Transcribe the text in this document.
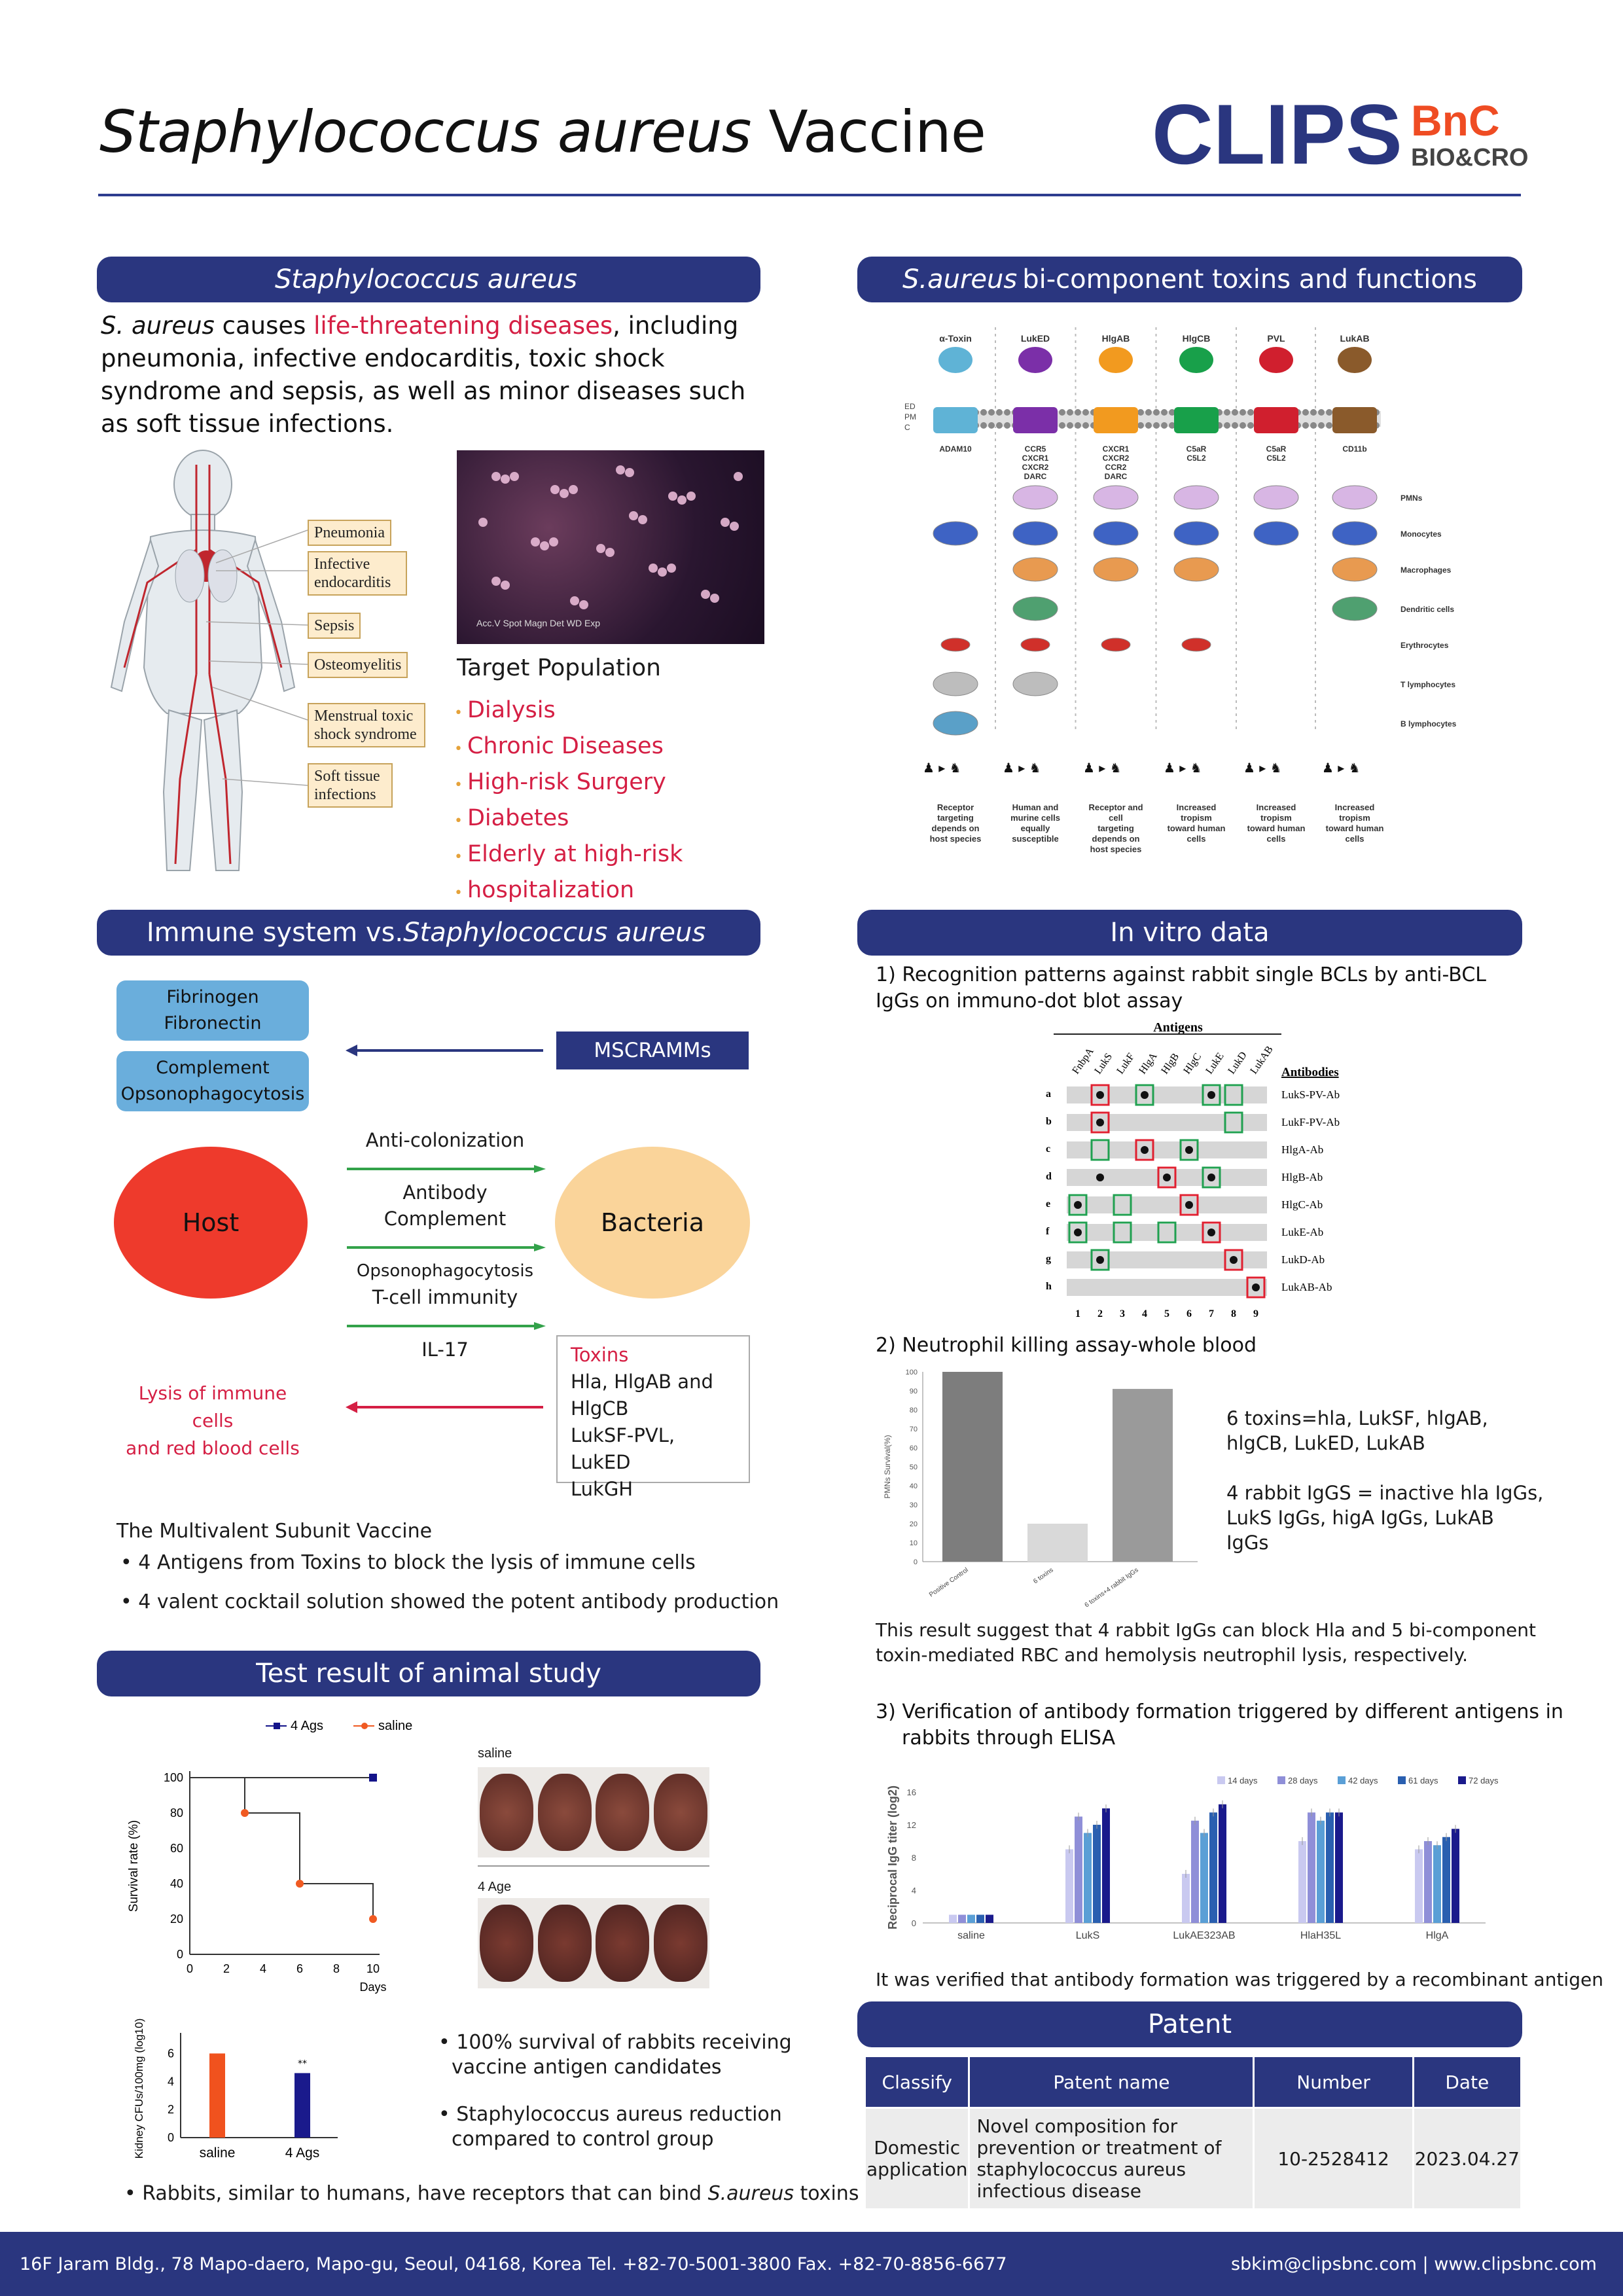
Staphylococcus aureus Vaccine CLIPS BnC
BIO&CRO
Staphylococcus aureus
S. aureus causes life-threatening diseases, including pneumonia, infective endocarditis, toxic shock syndrome and sepsis, as well as minor diseases such as soft tissue infections.
Pneumonia
Infective endocarditis
Sepsis
Osteomyelitis
Menstrual toxic shock syndrome
Soft tissue infections
Acc.V Spot Magn Det WD Exp
Target Population
• Dialysis
• Chronic Diseases
• High-risk Surgery
• Diabetes
• Elderly at high-risk
• hospitalization
S.aureus bi-component toxins and functions
α-Toxin	LukED	HlgAB	HlgCB	PVL	LukAB
ED
PM
C
ADAM10	CCR5
CXCR1
CXCR2
DARC
CXCR1
CXCR2
CCR2
DARC
C5aR
C5L2
C5aR
C5L2
CD11b
PMNs
Monocytes
Macrophages
Dendritic cells
Erythrocytes
T lymphocytes
B lymphocytes
♟ ▸ ♞
Receptor
targeting
depends on
host species
♟ ▸ ♞
Human and
murine cells
equally
susceptible
♟ ▸ ♞
Receptor and
cell
targeting
depends on
host species
♟ ▸ ♞
Increased
tropism
toward human
cells
♟ ▸ ♞
Increased
tropism
toward human
cells
♟ ▸ ♞
Increased
tropism
toward human
cells
Immune system vs. Staphylococcus aureus
Fibrinogen
Fibronectin
Complement
Opsonophagocytosis
MSCRAMMs
Host	Bacteria
Anti-colonization
Antibody
Complement
Opsonophagocytosis
T-cell immunity
IL-17	Toxins
Hla, HlgAB and
HlgCB
LukSF-PVL, LukED
LukGH
Lysis of immune cells
and red blood cells
The Multivalent Subunit Vaccine
• 4 Antigens from Toxins to block the lysis of immune cells
• 4 valent cocktail solution showed the potent antibody production
In vitro data
1) Recognition patterns against rabbit single BCLs by anti-BCL IgGs on immuno-dot blot assay
Antigens
FnbpA
LukS LukF HlgA HlgB HlgC LukE LukD
LukAB Antibodies
a	LukS-PV-Ab
b	LukF-PV-Ab
c	HlgA-Ab
d	HlgB-Ab
e	HlgC-Ab
f	LukE-Ab
g	LukD-Ab
h	LukAB-Ab
1 2 3 4 5 6 7 8 9
2) Neutrophil killing assay-whole blood
0
10
20
30
40
50
60
70
80
90
100
PMNs Survival(%)
Positive Control	6 toxins	6 toxins+4 rabbit IgGs
6 toxins=hla, LukSF, hlgAB,
hlgCB, LukED, LukAB
4 rabbit IgGS = inactive hla IgGs,
LukS IgGs, higA IgGs, LukAB
IgGs
This result suggest that 4 rabbit IgGs can block Hla and 5 bi-component
toxin-mediated RBC and hemolysis neutrophil lysis, respectively.
3) Verification of antibody formation triggered by different antigens in
rabbits through ELISA
0
4
8
12
16
Reciprocal IgG titer (log2)
14 days	28 days	42 days	61 days	72 days
saline	LukS	LukAE323AB	HlaH35L	HlgA
It was verified that antibody formation was triggered by a recombinant antigen
Test result of animal study
0
20
40
60
80
100
0	2	4	6	8 10
Days
Survival rate (%)
4 Ags	saline
saline
4 Age
0
2
4
6
Kidney CFUs/100mg (log10)	saline	4 Ags
**
• 100% survival of rabbits receiving
vaccine antigen candidates
• Staphylococcus aureus reduction
compared to control group
• Rabbits, similar to humans, have receptors that can bind S.aureus toxins
Patent
Classify	Patent name	Number	Date
Domestic application	Novel composition for prevention or treatment of staphylococcus aureus infectious disease	10-2528412	2023.04.27
16F Jaram Bldg., 78 Mapo-daero, Mapo-gu, Seoul, 04168, Korea Tel. +82-70-5001-3800 Fax. +82-70-8856-6677	sbkim@clipsbnc.com | www.clipsbnc.com
